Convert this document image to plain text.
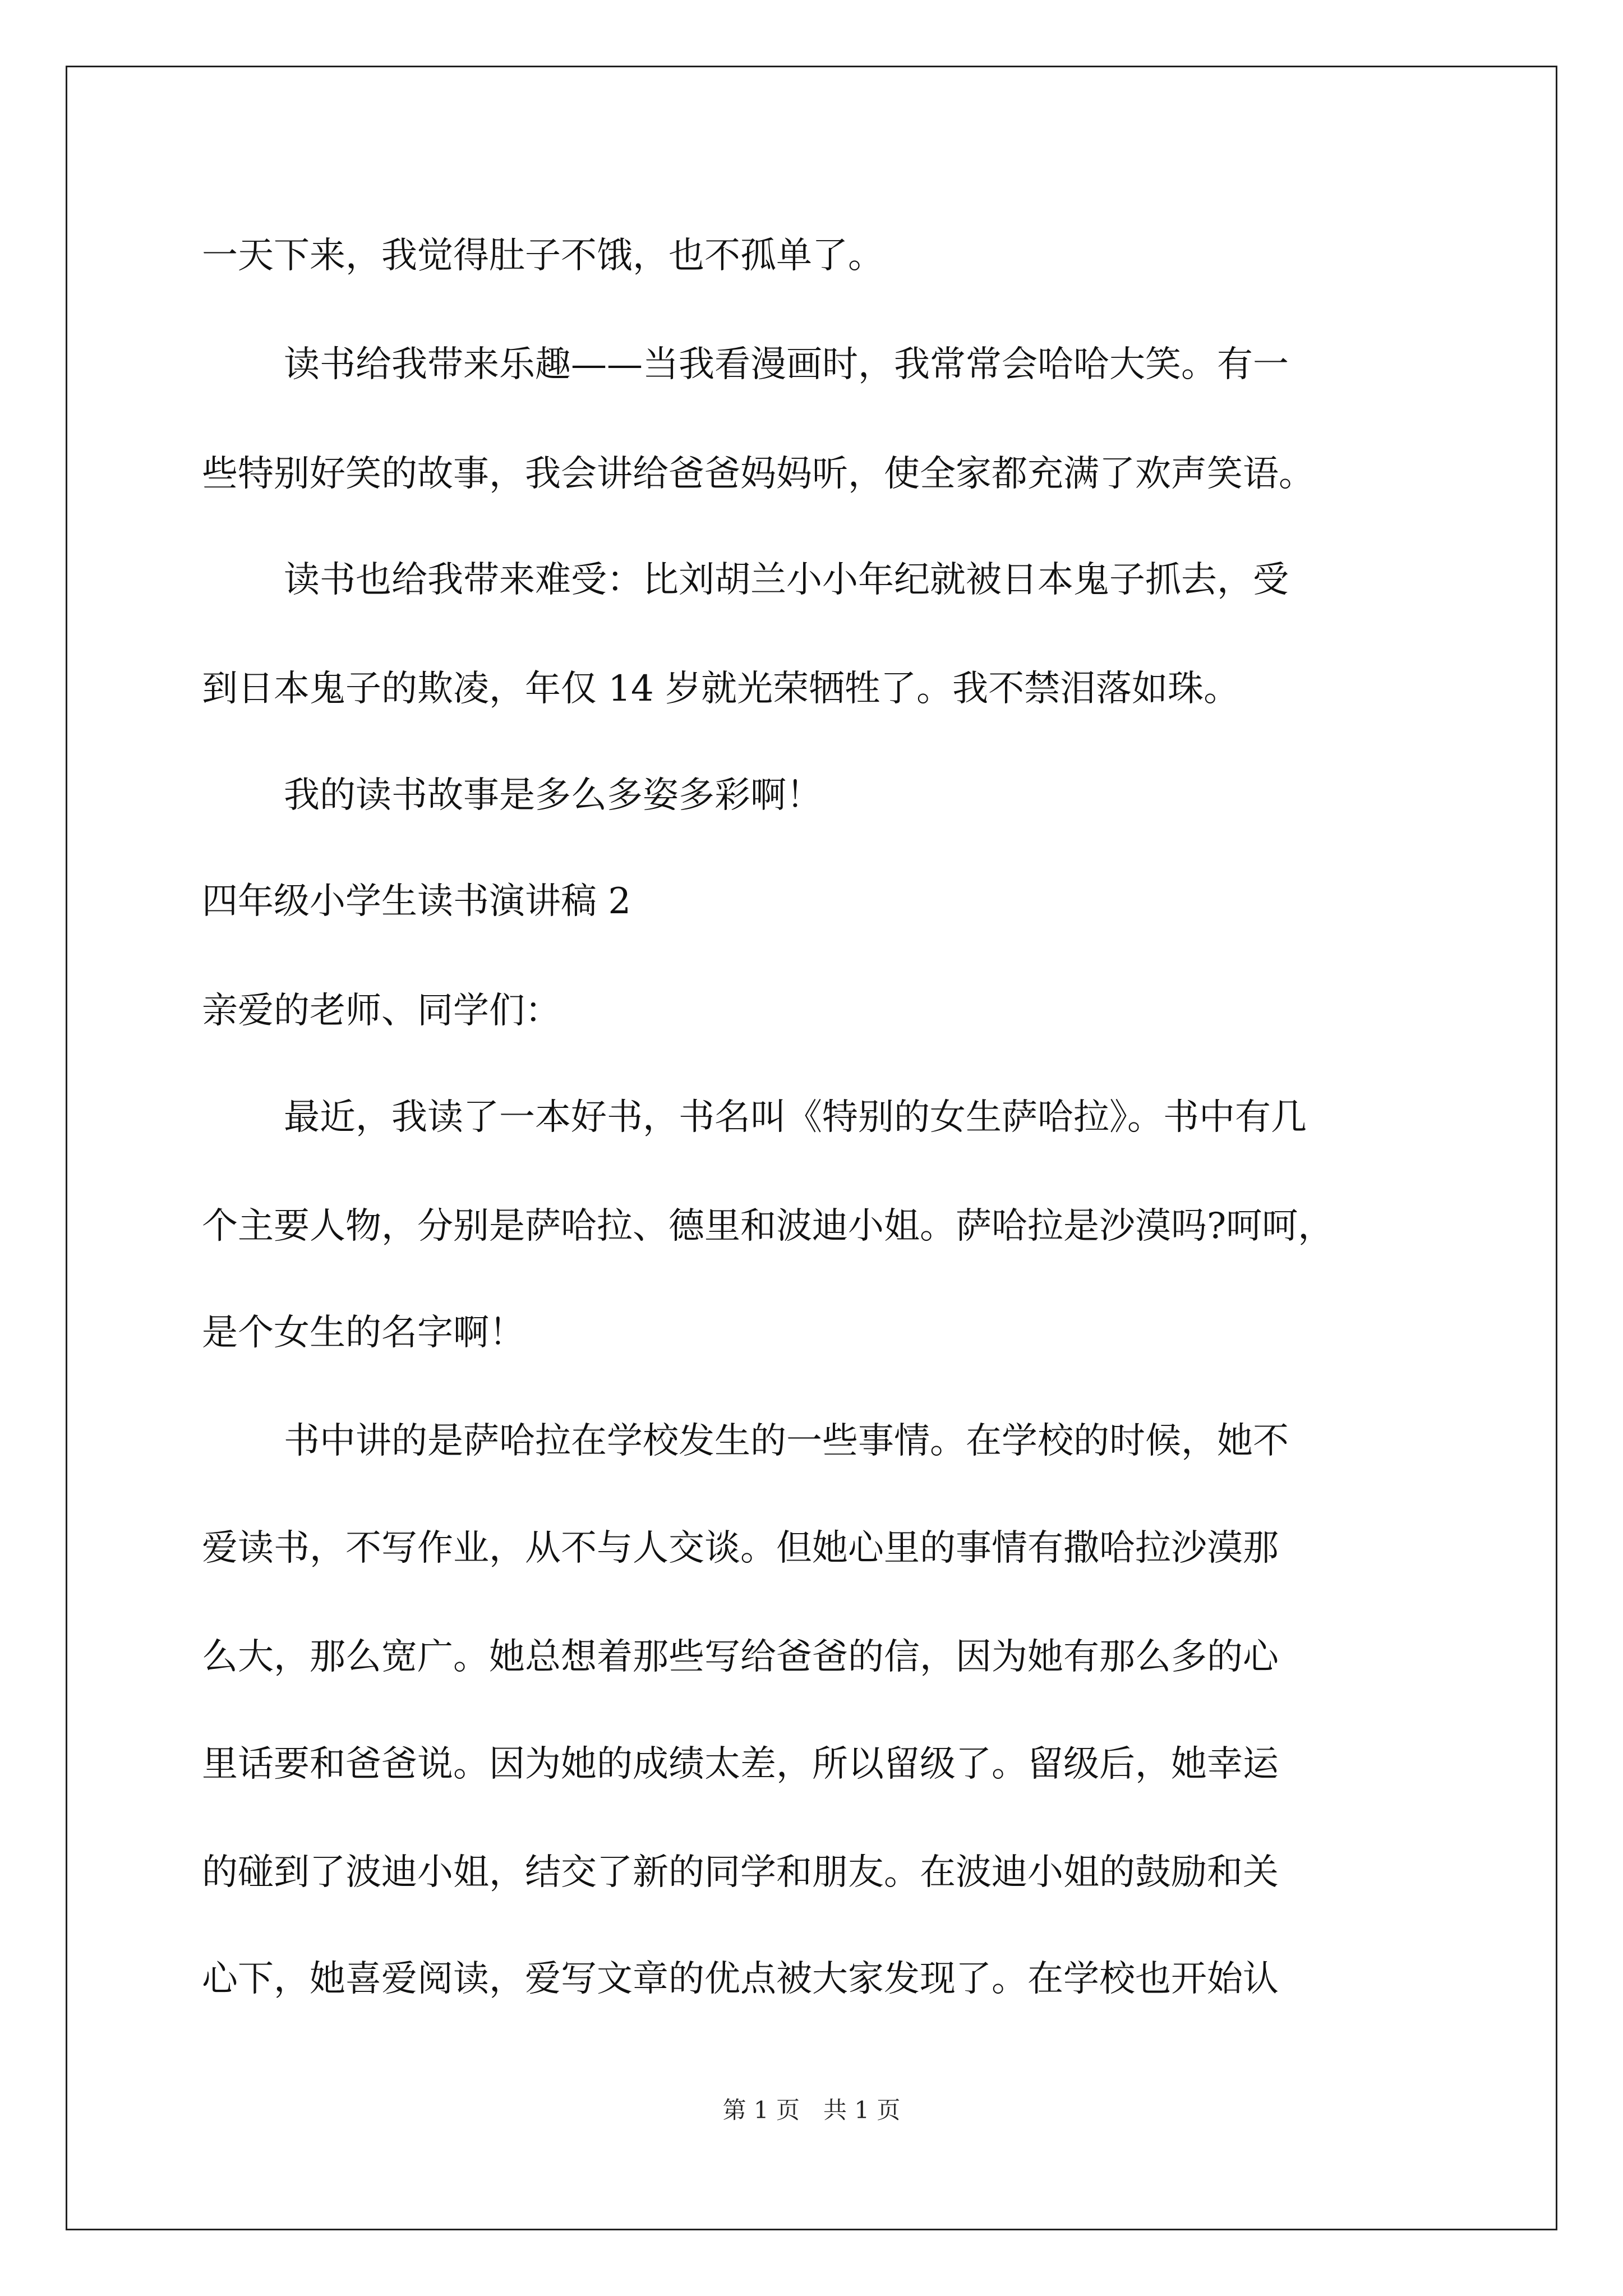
一天下来，我觉得肚子不饿，也不孤单了。
读书给我带来乐趣——当我看漫画时，我常常会哈哈大笑。有一
些特别好笑的故事，我会讲给爸爸妈妈听，使全家都充满了欢声笑语。
读书也给我带来难受：比刘胡兰小小年纪就被日本鬼子抓去，受
到日本鬼子的欺凌，年仅 14 岁就光荣牺牲了。我不禁泪落如珠。
我的读书故事是多么多姿多彩啊！
四年级小学生读书演讲稿 2
亲爱的老师、同学们：
最近，我读了一本好书，书名叫《特别的女生萨哈拉》。书中有几
个主要人物，分别是萨哈拉、德里和波迪小姐。萨哈拉是沙漠吗?呵呵，
是个女生的名字啊！
书中讲的是萨哈拉在学校发生的一些事情。在学校的时候，她不
爱读书，不写作业，从不与人交谈。但她心里的事情有撒哈拉沙漠那
么大，那么宽广。她总想着那些写给爸爸的信，因为她有那么多的心
里话要和爸爸说。因为她的成绩太差，所以留级了。留级后，她幸运
的碰到了波迪小姐，结交了新的同学和朋友。在波迪小姐的鼓励和关
心下，她喜爱阅读，爱写文章的优点被大家发现了。在学校也开始认
第 1 页　共 1 页
